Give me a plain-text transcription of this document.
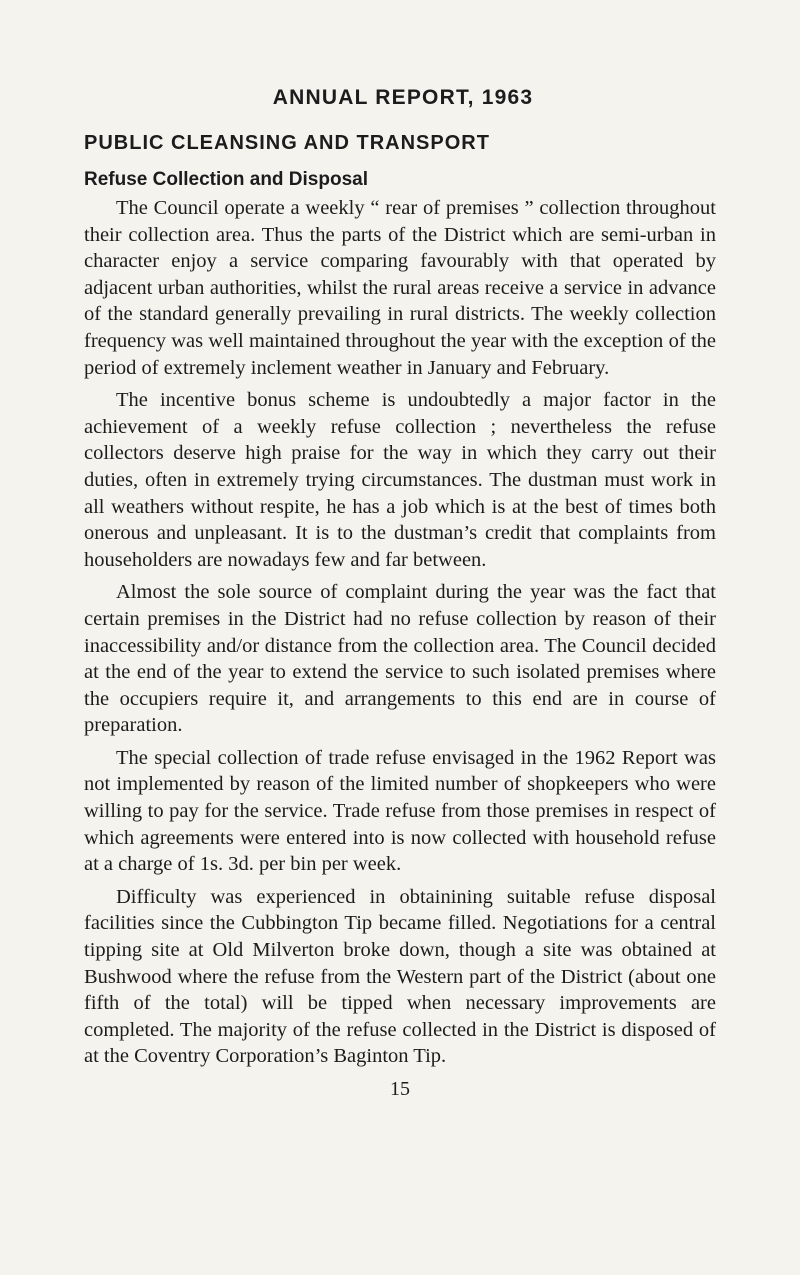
ANNUAL REPORT, 1963
PUBLIC CLEANSING AND TRANSPORT
Refuse Collection and Disposal

The Council operate a weekly “ rear of premises ” collection throughout their collection area. Thus the parts of the District which are semi-urban in character enjoy a service comparing favourably with that operated by adjacent urban authorities, whilst the rural areas receive a service in advance of the standard generally prevailing in rural districts. The weekly collection frequency was well maintained throughout the year with the exception of the period of extremely inclement weather in January and February.

The incentive bonus scheme is undoubtedly a major factor in the achievement of a weekly refuse collection ; nevertheless the refuse collectors deserve high praise for the way in which they carry out their duties, often in extremely trying circumstances. The dustman must work in all weathers without respite, he has a job which is at the best of times both onerous and unpleasant. It is to the dustman’s credit that complaints from householders are nowadays few and far between.

Almost the sole source of complaint during the year was the fact that certain premises in the District had no refuse collection by reason of their inaccessibility and/or distance from the collection area. The Council decided at the end of the year to extend the service to such isolated premises where the occupiers require it, and arrangements to this end are in course of preparation.

The special collection of trade refuse envisaged in the 1962 Report was not implemented by reason of the limited number of shopkeepers who were willing to pay for the service. Trade refuse from those premises in respect of which agreements were entered into is now collected with household refuse at a charge of 1s. 3d. per bin per week.

Difficulty was experienced in obtainining suitable refuse disposal facilities since the Cubbington Tip became filled. Negotiations for a central tipping site at Old Milverton broke down, though a site was obtained at Bushwood where the refuse from the Western part of the District (about one fifth of the total) will be tipped when necessary improvements are completed. The majority of the refuse collected in the District is disposed of at the Coventry Corporation’s Baginton Tip.

15
